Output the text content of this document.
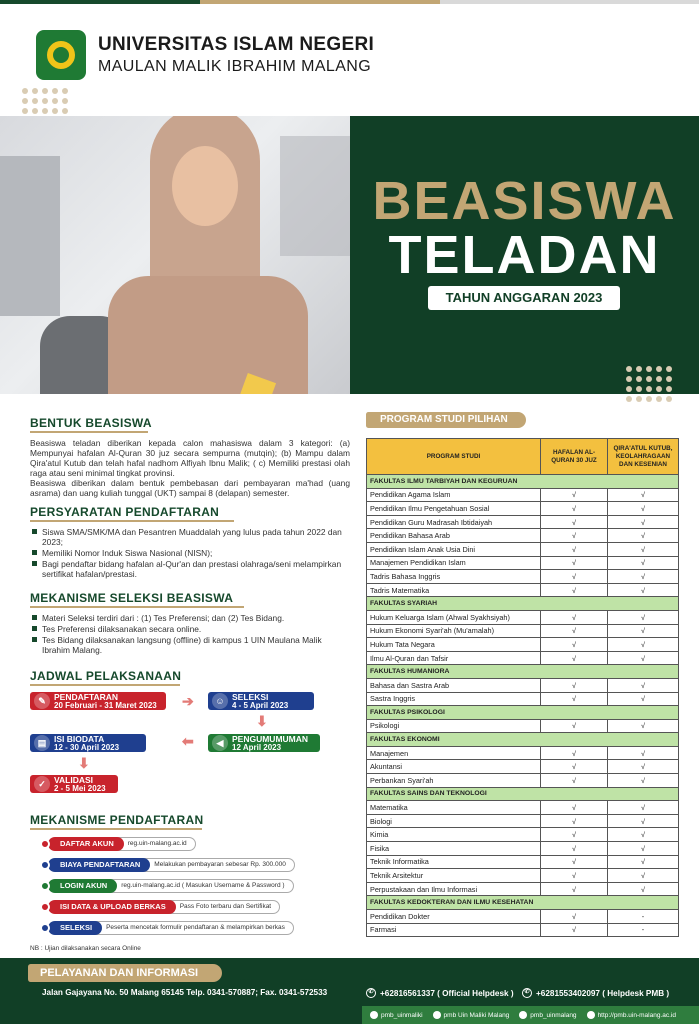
UNIVERSITAS ISLAM NEGERI
MAULAN MALIK IBRAHIM MALANG
BEASISWA
TELADAN
TAHUN ANGGARAN 2023
BENTUK BEASISWA
Beasiswa teladan diberikan kepada calon mahasiswa dalam 3 kategori: (a) Mempunyai hafalan Al-Quran 30 juz secara sempurna (mutqin); (b) Mampu dalam Qira'atul Kutub dan telah hafal nadhom Alfiyah Ibnu Malik; ( c) Memiliki prestasi olah raga atau seni minimal tingkat provinsi.
Beasiswa diberikan dalam bentuk pembebasan dari pembayaran ma'had (uang asrama) dan uang kuliah tunggal (UKT) sampai 8 (delapan) semester.
PERSYARATAN PENDAFTARAN
Siswa SMA/SMK/MA dan Pesantren Muaddalah yang lulus pada tahun 2022 dan 2023;
Memiliki Nomor Induk Siswa Nasional (NISN);
Bagi pendaftar bidang hafalan al-Qur'an dan prestasi olahraga/seni melampirkan sertifikat hafalan/prestasi.
MEKANISME SELEKSI BEASISWA
Materi Seleksi terdiri dari : (1) Tes Preferensi; dan (2) Tes Bidang.
Tes Preferensi dilaksanakan secara online.
Tes Bidang dilaksanakan langsung (offline) di kampus 1 UIN Maulana Malik Ibrahim Malang.
JADWAL PELAKSANAAN
✎ PENDAFTARAN
20 Februari - 31 Maret 2023	➔	☺ SELEKSI
4 - 5 April 2023
⬇
▤ ISI BIODATA
12 - 30 April 2023	⬅	◀	PENGUMUMUMAN
12 April 2023
⬇
✓ VALIDASI
2 - 5 Mei 2023
MEKANISME PENDAFTARAN
DAFTAR AKUN	reg.uin-malang.ac.id
BIAYA PENDAFTARAN	Melakukan pembayaran sebesar Rp. 300.000
LOGIN AKUN	reg.uin-malang.ac.id ( Masukan Username & Password )
ISI DATA & UPLOAD BERKAS	Pass Foto terbaru dan Sertifikat
SELEKSI	Peserta mencetak formulir pendaftaran & melampirkan berkas
NB : Ujian dilaksanakan secara Online
PROGRAM STUDI PILIHAN
PROGRAM STUDI	HAFALAN AL-QURAN 30 JUZ	QIRA'ATUL KUTUB, KEOLAHRAGAAN DAN KESENIAN
FAKULTAS ILMU TARBIYAH DAN KEGURUAN		
Pendidikan Agama Islam	√	√
Pendidikan Ilmu Pengetahuan Sosial	√	√
Pendidikan Guru Madrasah Ibtidaiyah	√	√
Pendidikan Bahasa Arab	√	√
Pendidikan Islam Anak Usia Dini	√	√
Manajemen Pendidikan Islam	√	√
Tadris Bahasa Inggris	√	√
Tadris Matematika	√	√
FAKULTAS SYARIAH		
Hukum Keluarga Islam (Ahwal Syakhsiyah)	√	√
Hukum Ekonomi Syari'ah (Mu'amalah)	√	√
Hukum Tata Negara	√	√
Ilmu Al-Quran dan Tafsir	√	√
FAKULTAS HUMANIORA		
Bahasa dan Sastra Arab	√	√
Sastra Inggris	√	√
FAKULTAS PSIKOLOGI		
Psikologi	√	√
FAKULTAS EKONOMI		
Manajemen	√	√
Akuntansi	√	√
Perbankan Syari'ah	√	√
FAKULTAS SAINS DAN TEKNOLOGI		
Matematika	√	√
Biologi	√	√
Kimia	√	√
Fisika	√	√
Teknik Informatika	√	√
Teknik Arsitektur	√	√
Perpustakaan dan Ilmu Informasi	√	√
FAKULTAS KEDOKTERAN DAN ILMU KESEHATAN		
Pendidikan Dokter	√	-
Farmasi	√	-
PELAYANAN DAN INFORMASI
Jalan Gajayana No. 50 Malang 65145 Telp. 0341-570887; Fax. 0341-572533	✆ +62816561337 ( Official Helpdesk )	✆ +6281553402097 ( Helpdesk PMB )
pmb_uinmaliki	pmb Uin Maliki Malang	pmb_uinmalang	http://pmb.uin-malang.ac.id
